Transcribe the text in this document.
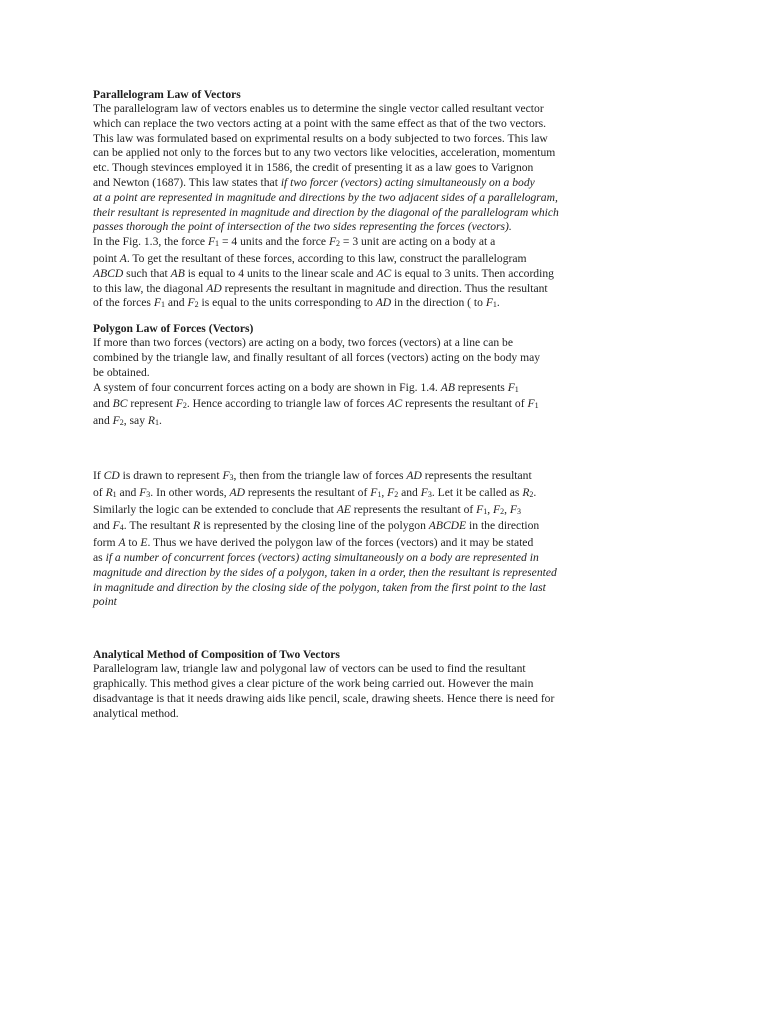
Parallelogram Law of Vectors
The parallelogram law of vectors enables us to determine the single vector called resultant vector
which can replace the two vectors acting at a point with the same effect as that of the two vectors.
This law was formulated based on exprimental results on a body subjected to two forces. This law
can be applied not only to the forces but to any two vectors like velocities, acceleration, momentum
etc. Though stevinces employed it in 1586, the credit of presenting it as a law goes to Varignon
and Newton (1687). This law states that if two forcer (vectors) acting simultaneously on a body
at a point are represented in magnitude and directions by the two adjacent sides of a parallelogram,
their resultant is represented in magnitude and direction by the diagonal of the parallelogram which
passes thorough the point of intersection of the two sides representing the forces (vectors).
In the Fig. 1.3, the force F1 = 4 units and the force F2 = 3 unit are acting on a body at a
point A. To get the resultant of these forces, according to this law, construct the parallelogram
ABCD such that AB is equal to 4 units to the linear scale and AC is equal to 3 units. Then according
to this law, the diagonal AD represents the resultant in magnitude and direction. Thus the resultant
of the forces F1 and F2 is equal to the units corresponding to AD in the direction ( to F1.
Polygon Law of Forces (Vectors)
If more than two forces (vectors) are acting on a body, two forces (vectors) at a line can be
combined by the triangle law, and finally resultant of all forces (vectors) acting on the body may
be obtained.
A system of four concurrent forces acting on a body are shown in Fig. 1.4. AB represents F1
and BC represent F2. Hence according to triangle law of forces AC represents the resultant of F1
and F2, say R1.
If CD is drawn to represent F3, then from the triangle law of forces AD represents the resultant
of R1 and F3. In other words, AD represents the resultant of F1, F2 and F3. Let it be called as R2.
Similarly the logic can be extended to conclude that AE represents the resultant of F1, F2, F3
and F4. The resultant R is represented by the closing line of the polygon ABCDE in the direction
form A to E. Thus we have derived the polygon law of the forces (vectors) and it may be stated
as if a number of concurrent forces (vectors) acting simultaneously on a body are represented in
magnitude and direction by the sides of a polygon, taken in a order, then the resultant is represented
in magnitude and direction by the closing side of the polygon, taken from the first point to the last
point
Analytical Method of Composition of Two Vectors
Parallelogram law, triangle law and polygonal law of vectors can be used to find the resultant
graphically. This method gives a clear picture of the work being carried out. However the main
disadvantage is that it needs drawing aids like pencil, scale, drawing sheets. Hence there is need for
analytical method.
